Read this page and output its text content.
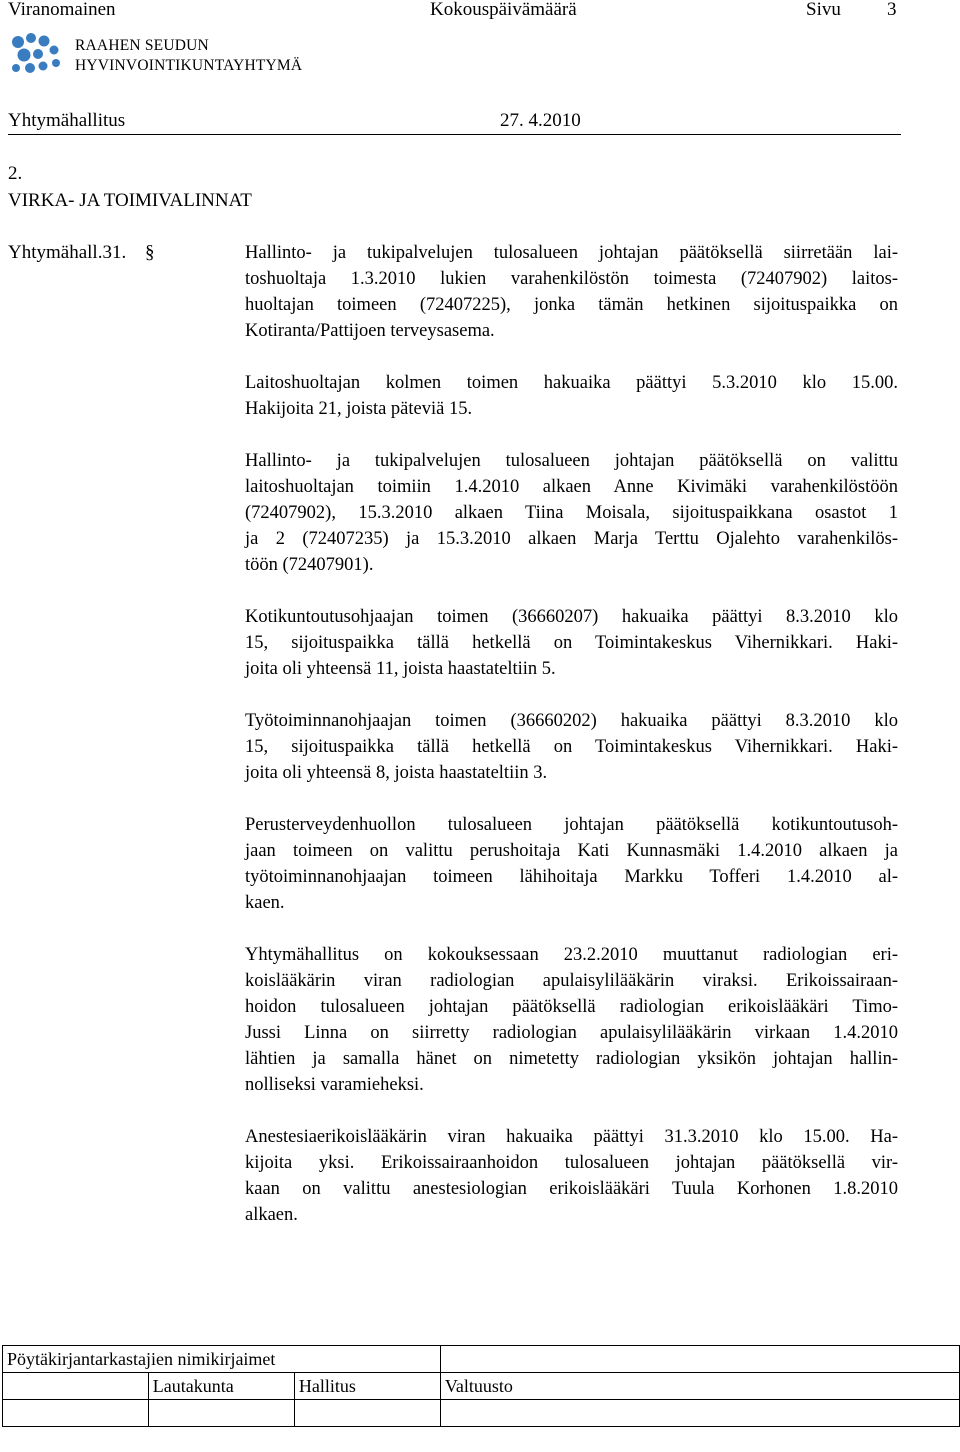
Viranomainen	Kokouspäivämäärä	Sivu 3
RAAHEN SEUDUN
HYVINVOINTIKUNTAYHTYMÄ
Yhtymähallitus	27. 4.2010
2.
VIRKA- JA TOIMIVALINNAT
Yhtymähall.31. §	Hallinto- ja tukipalvelujen tulosalueen johtajan päätöksellä siirretään lai-
toshuoltaja 1.3.2010 lukien varahenkilöstön toimesta (72407902) laitos-
huoltajan toimeen (72407225), jonka tämän hetkinen sijoituspaikka on
Kotiranta/Pattijoen terveysasema.
Laitoshuoltajan kolmen toimen hakuaika päättyi 5.3.2010 klo 15.00.
Hakijoita 21, joista päteviä 15.
Hallinto- ja tukipalvelujen tulosalueen johtajan päätöksellä on valittu
laitoshuoltajan toimiin 1.4.2010 alkaen Anne Kivimäki varahenkilöstöön
(72407902), 15.3.2010 alkaen Tiina Moisala, sijoituspaikkana osastot 1
ja 2 (72407235) ja 15.3.2010 alkaen Marja Terttu Ojalehto varahenkilös-
töön (72407901).
Kotikuntoutusohjaajan toimen (36660207) hakuaika päättyi 8.3.2010 klo
15, sijoituspaikka tällä hetkellä on Toimintakeskus Vihernikkari. Haki-
joita oli yhteensä 11, joista haastateltiin 5.
Työtoiminnanohjaajan toimen (36660202) hakuaika päättyi 8.3.2010 klo
15, sijoituspaikka tällä hetkellä on Toimintakeskus Vihernikkari. Haki-
joita oli yhteensä 8, joista haastateltiin 3.
Perusterveydenhuollon tulosalueen johtajan päätöksellä kotikuntoutusoh-
jaan toimeen on valittu perushoitaja Kati Kunnasmäki 1.4.2010 alkaen ja
työtoiminnanohjaajan toimeen lähihoitaja Markku Tofferi 1.4.2010 al-
kaen.
Yhtymähallitus on kokouksessaan 23.2.2010 muuttanut radiologian eri-
koislääkärin viran radiologian apulaisylilääkärin viraksi. Erikoissairaan-
hoidon tulosalueen johtajan päätöksellä radiologian erikoislääkäri Timo-
Jussi Linna on siirretty radiologian apulaisylilääkärin virkaan 1.4.2010
lähtien ja samalla hänet on nimetetty radiologian yksikön johtajan hallin-
nolliseksi varamieheksi.
Anestesiaerikoislääkärin viran hakuaika päättyi 31.3.2010 klo 15.00. Ha-
kijoita yksi. Erikoissairaanhoidon tulosalueen johtajan päätöksellä vir-
kaan on valittu anestesiologian erikoislääkäri Tuula Korhonen 1.8.2010
alkaen.
Pöytäkirjantarkastajien nimikirjaimet			
	Lautakunta	Hallitus	Valtuusto
